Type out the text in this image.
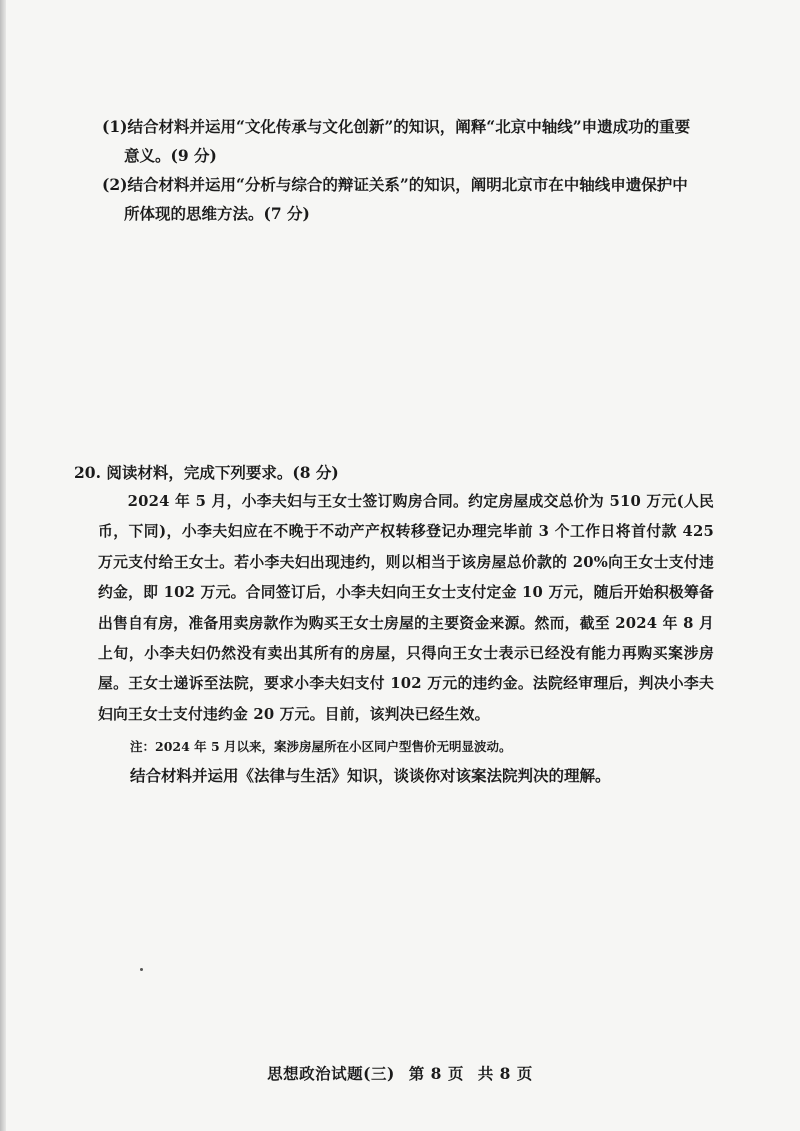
(1)结合材料并运用“文化传承与文化创新”的知识，阐释“北京中轴线”申遗成功的重要
意义。(9 分)
(2)结合材料并运用“分析与综合的辩证关系”的知识，阐明北京市在中轴线申遗保护中
所体现的思维方法。(7 分)
20. 阅读材料，完成下列要求。(8 分)
2024 年 5 月，小李夫妇与王女士签订购房合同。约定房屋成交总价为 510 万元(人民币，下同)，小李夫妇应在不晚于不动产产权转移登记办理完毕前 3 个工作日将首付款 425 万元支付给王女士。若小李夫妇出现违约，则以相当于该房屋总价款的 20%向王女士支付违约金，即 102 万元。合同签订后，小李夫妇向王女士支付定金 10 万元，随后开始积极筹备出售自有房，准备用卖房款作为购买王女士房屋的主要资金来源。然而，截至 2024 年 8 月上旬，小李夫妇仍然没有卖出其所有的房屋，只得向王女士表示已经没有能力再购买案涉房屋。王女士递诉至法院，要求小李夫妇支付 102 万元的违约金。法院经审理后，判决小李夫妇向王女士支付违约金 20 万元。目前，该判决已经生效。
注：2024 年 5 月以来，案涉房屋所在小区同户型售价无明显波动。
结合材料并运用《法律与生活》知识，谈谈你对该案法院判决的理解。
思想政治试题(三) 第 8 页 共 8 页
